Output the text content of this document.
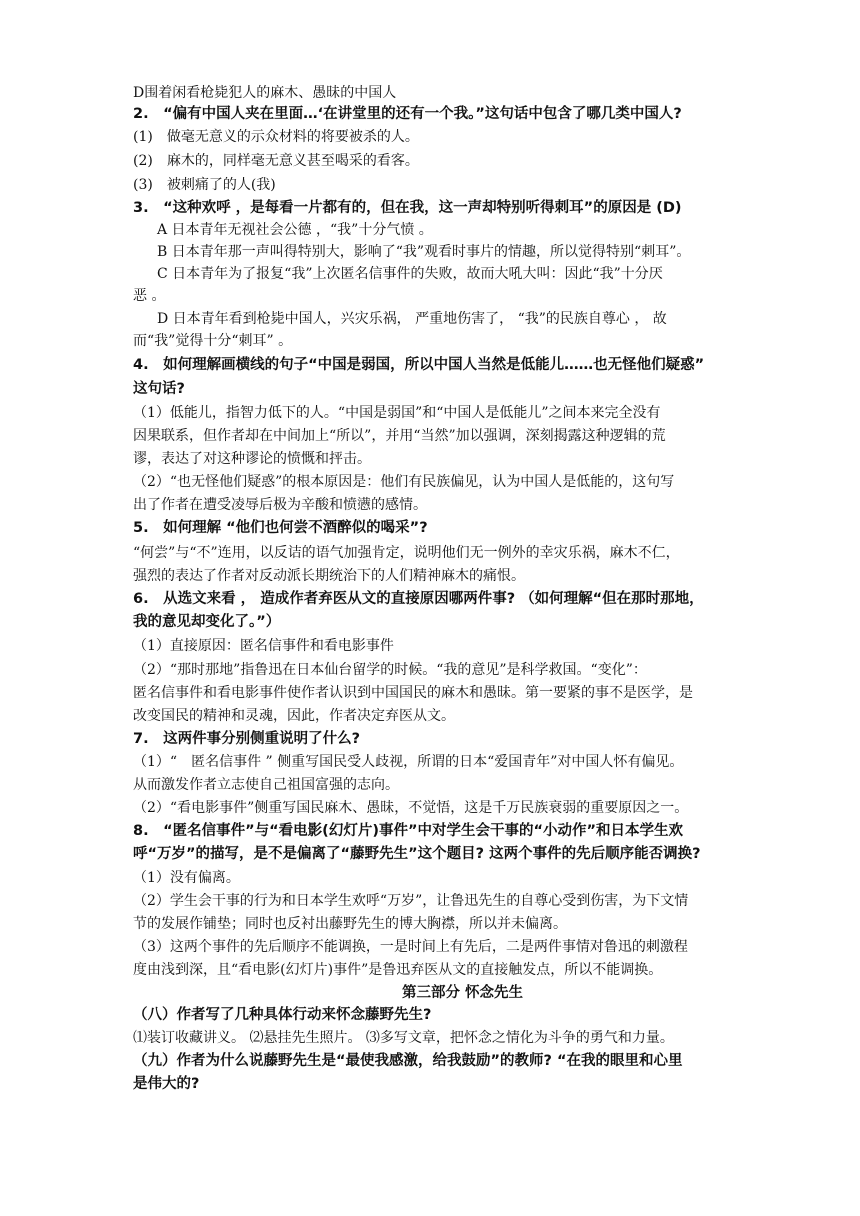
D围着闲看枪毙犯人的麻木、愚昧的中国人
2.　“偏有中国人夹在里面…‘在讲堂里的还有一个我。”这句话中包含了哪几类中国人?
(1)　做毫无意义的示众材料的将要被杀的人。
(2)　麻木的，同样毫无意义甚至喝采的看客。
(3)　被刺痛了的人(我)
3.　“这种欢呼 ，是每看一片都有的，但在我，这一声却特别听得刺耳”的原因是 (D)
A 日本青年无视社会公德 ，“我”十分气愤 。
B 日本青年那一声叫得特别大，影响了“我”观看时事片的情趣，所以觉得特别“刺耳”。
C 日本青年为了报复“我”上次匿名信事件的失败，故而大吼大叫：因此“我”十分厌
恶 。
D 日本青年看到枪毙中国人，兴灾乐祸， 严重地伤害了， “我”的民族自尊心 ， 故
而“我”觉得十分“刺耳” 。
4.　如何理解画横线的句子“中国是弱国，所以中国人当然是低能儿……也无怪他们疑惑”
这句话?
（1）低能儿，指智力低下的人。“中国是弱国”和“中国人是低能儿”之间本来完全没有
因果联系，但作者却在中间加上“所以”，并用“当然”加以强调，深刻揭露这种逻辑的荒
谬，表达了对这种谬论的愤慨和抨击。
（2）“也无怪他们疑惑”的根本原因是：他们有民族偏见，认为中国人是低能的，这句写
出了作者在遭受凌辱后极为辛酸和愤懑的感情。
5.　如何理解 “他们也何尝不酒醉似的喝采”?
“何尝”与“不”连用，以反诘的语气加强肯定，说明他们无一例外的幸灾乐祸，麻木不仁，
强烈的表达了作者对反动派长期统治下的人们精神麻木的痛恨。
6.　从选文来看 ， 造成作者弃医从文的直接原因哪两件事? （如何理解“但在那时那地，
我的意见却变化了。”）
（1）直接原因：匿名信事件和看电影事件
（2）“那时那地”指鲁迅在日本仙台留学的时候。“我的意见”是科学救国。“变化”：
匿名信事件和看电影事件使作者认识到中国国民的麻木和愚昧。第一要紧的事不是医学，是
改变国民的精神和灵魂，因此，作者决定弃医从文。
7.　这两件事分别侧重说明了什么?
（1）“　匿名信事件 ” 侧重写国民受人歧视，所谓的日本“爱国青年”对中国人怀有偏见。
从而激发作者立志使自己祖国富强的志向。
（2）“看电影事件”侧重写国民麻木、愚昧，不觉悟，这是千万民族衰弱的重要原因之一。
8.　“匿名信事件”与“看电影(幻灯片)事件”中对学生会干事的“小动作”和日本学生欢
呼“万岁”的描写，是不是偏离了“藤野先生”这个题目? 这两个事件的先后顺序能否调换?
（1）没有偏离。
（2）学生会干事的行为和日本学生欢呼“万岁”，让鲁迅先生的自尊心受到伤害，为下文情
节的发展作铺垫；同时也反衬出藤野先生的博大胸襟，所以并未偏离。
（3）这两个事件的先后顺序不能调换，一是时间上有先后，二是两件事情对鲁迅的刺激程
度由浅到深，且“看电影(幻灯片)事件”是鲁迅弃医从文的直接触发点，所以不能调换。
第三部分 怀念先生
（八）作者写了几种具体行动来怀念藤野先生?
⑴装订收藏讲义。 ⑵悬挂先生照片。 ⑶多写文章，把怀念之情化为斗争的勇气和力量。
（九）作者为什么说藤野先生是“最使我感激，给我鼓励”的教师? “在我的眼里和心里
是伟大的?
